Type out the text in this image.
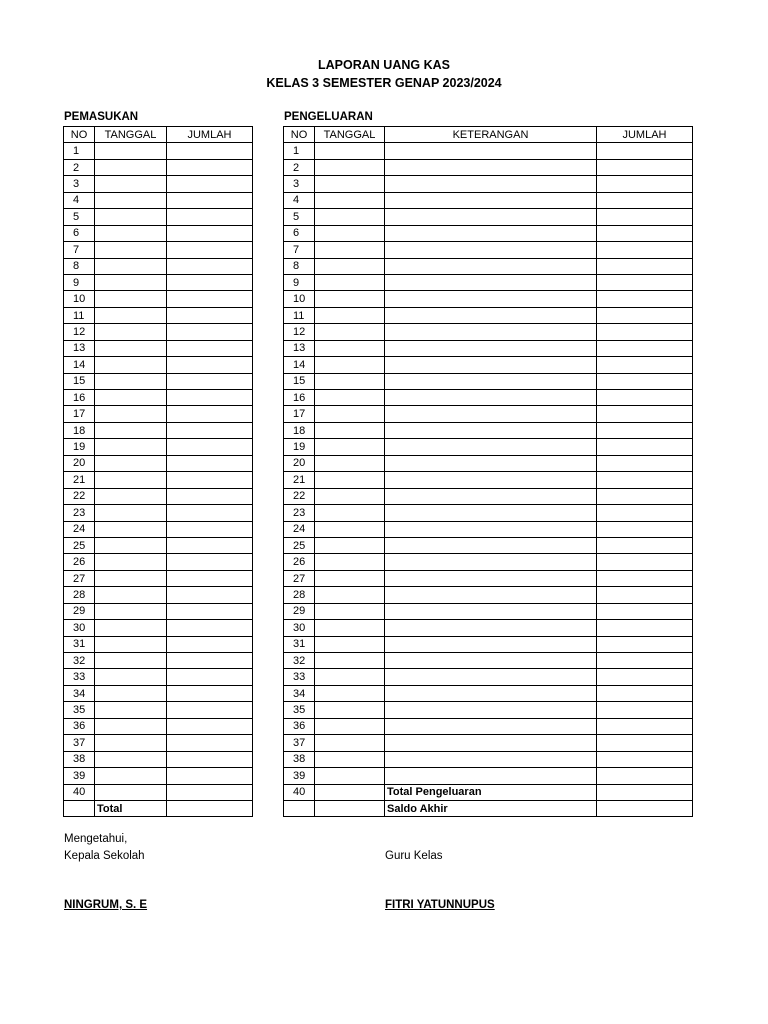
LAPORAN UANG KAS
KELAS 3 SEMESTER GENAP 2023/2024
PEMASUKAN	PENGELUARAN
NO	TANGGAL	JUMLAH
1		
2		
3		
4		
5		
6		
7		
8		
9		
10		
11		
12		
13		
14		
15		
16		
17		
18		
19		
20		
21		
22		
23		
24		
25		
26		
27		
28		
29		
30		
31		
32		
33		
34		
35		
36		
37		
38		
39		
40		
	Total	
NO	TANGGAL	KETERANGAN	JUMLAH
1			
2			
3			
4			
5			
6			
7			
8			
9			
10			
11			
12			
13			
14			
15			
16			
17			
18			
19			
20			
21			
22			
23			
24			
25			
26			
27			
28			
29			
30			
31			
32			
33			
34			
35			
36			
37			
38			
39			
40		Total Pengeluaran	
		Saldo Akhir	
Mengetahui,
Kepala Sekolah	Guru Kelas
NINGRUM, S. E	FITRI YATUNNUPUS
